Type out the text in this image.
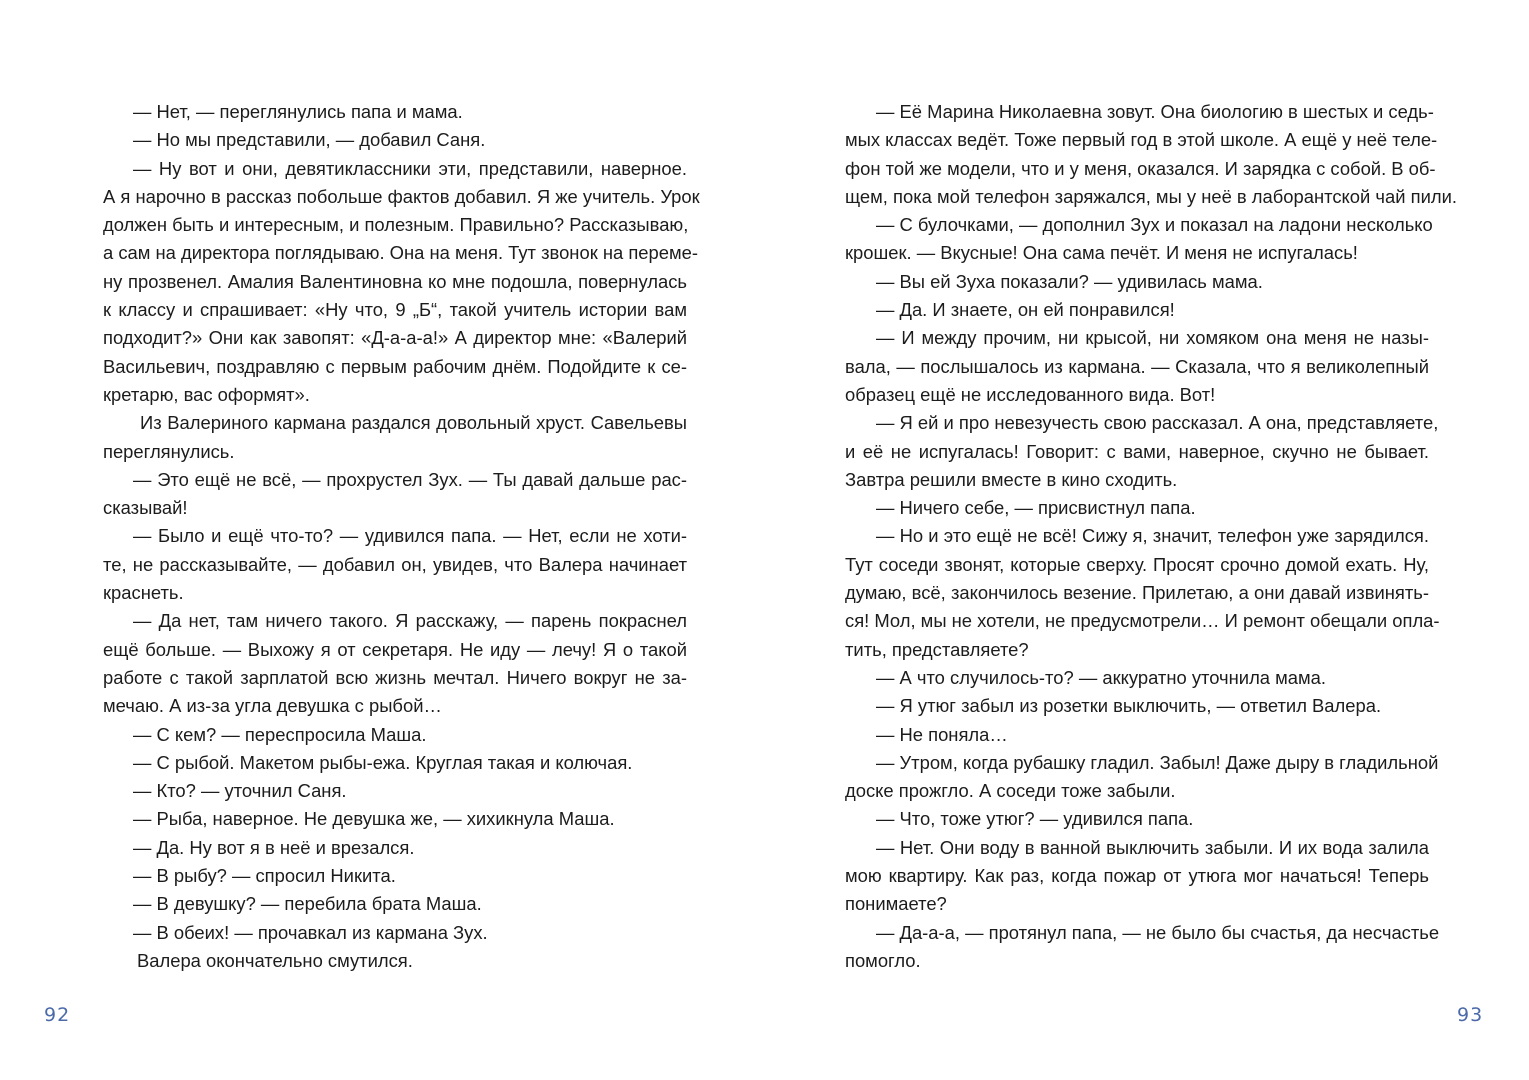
— Нет, — переглянулись папа и мама.
— Но мы представили, — добавил Саня.
— Ну вот и они, девятиклассники эти, представили, наверное.
А я нарочно в рассказ побольше фактов добавил. Я же учитель. Урок
должен быть и интересным, и полезным. Правильно? Рассказываю,
а сам на директора поглядываю. Она на меня. Тут звонок на переме-
ну прозвенел. Амалия Валентиновна ко мне подошла, повернулась
к классу и спрашивает: «Ну что, 9 „Б“, такой учитель истории вам
подходит?» Они как завопят: «Д-а-а-а!» А директор мне: «Валерий
Васильевич, поздравляю с первым рабочим днём. Подойдите к се-
кретарю, вас оформят».
Из Валериного кармана раздался довольный хруст. Савельевы
переглянулись.
— Это ещё не всё, — прохрустел Зух. — Ты давай дальше рас-
сказывай!
— Было и ещё что-то? — удивился папа. — Нет, если не хоти-
те, не рассказывайте, — добавил он, увидев, что Валера начинает
краснеть.
— Да нет, там ничего такого. Я расскажу, — парень покраснел
ещё больше. — Выхожу я от секретаря. Не иду — лечу! Я о такой
работе с такой зарплатой всю жизнь мечтал. Ничего вокруг не за-
мечаю. А из-за угла девушка с рыбой…
— С кем? — переспросила Маша.
— С рыбой. Макетом рыбы-ежа. Круглая такая и колючая.
— Кто? — уточнил Саня.
— Рыба, наверное. Не девушка же, — хихикнула Маша.
— Да. Ну вот я в неё и врезался.
— В рыбу? — спросил Никита.
— В девушку? — перебила брата Маша.
— В обеих! — прочавкал из кармана Зух.
Валера окончательно смутился.
92
— Её Марина Николаевна зовут. Она биологию в шестых и седь-
мых классах ведёт. Тоже первый год в этой школе. А ещё у неё теле-
фон той же модели, что и у меня, оказался. И зарядка с собой. В об-
щем, пока мой телефон заряжался, мы у неё в лаборантской чай пили.
— С булочками, — дополнил Зух и показал на ладони несколько
крошек. — Вкусные! Она сама печёт. И меня не испугалась!
— Вы ей Зуха показали? — удивилась мама.
— Да. И знаете, он ей понравился!
— И между прочим, ни крысой, ни хомяком она меня не назы-
вала, — послышалось из кармана. — Сказала, что я великолепный
образец ещё не исследованного вида. Вот!
— Я ей и про невезучесть свою рассказал. А она, представляете,
и её не испугалась! Говорит: с вами, наверное, скучно не бывает.
Завтра решили вместе в кино сходить.
— Ничего себе, — присвистнул папа.
— Но и это ещё не всё! Сижу я, значит, телефон уже зарядился.
Тут соседи звонят, которые сверху. Просят срочно домой ехать. Ну,
думаю, всё, закончилось везение. Прилетаю, а они давай извинять-
ся! Мол, мы не хотели, не предусмотрели… И ремонт обещали опла-
тить, представляете?
— А что случилось-то? — аккуратно уточнила мама.
— Я утюг забыл из розетки выключить, — ответил Валера.
— Не поняла…
— Утром, когда рубашку гладил. Забыл! Даже дыру в гладильной
доске прожгло. А соседи тоже забыли.
— Что, тоже утюг? — удивился папа.
— Нет. Они воду в ванной выключить забыли. И их вода залила
мою квартиру. Как раз, когда пожар от утюга мог начаться! Теперь
понимаете?
— Да-а-а, — протянул папа, — не было бы счастья, да несчастье
помогло.
93
